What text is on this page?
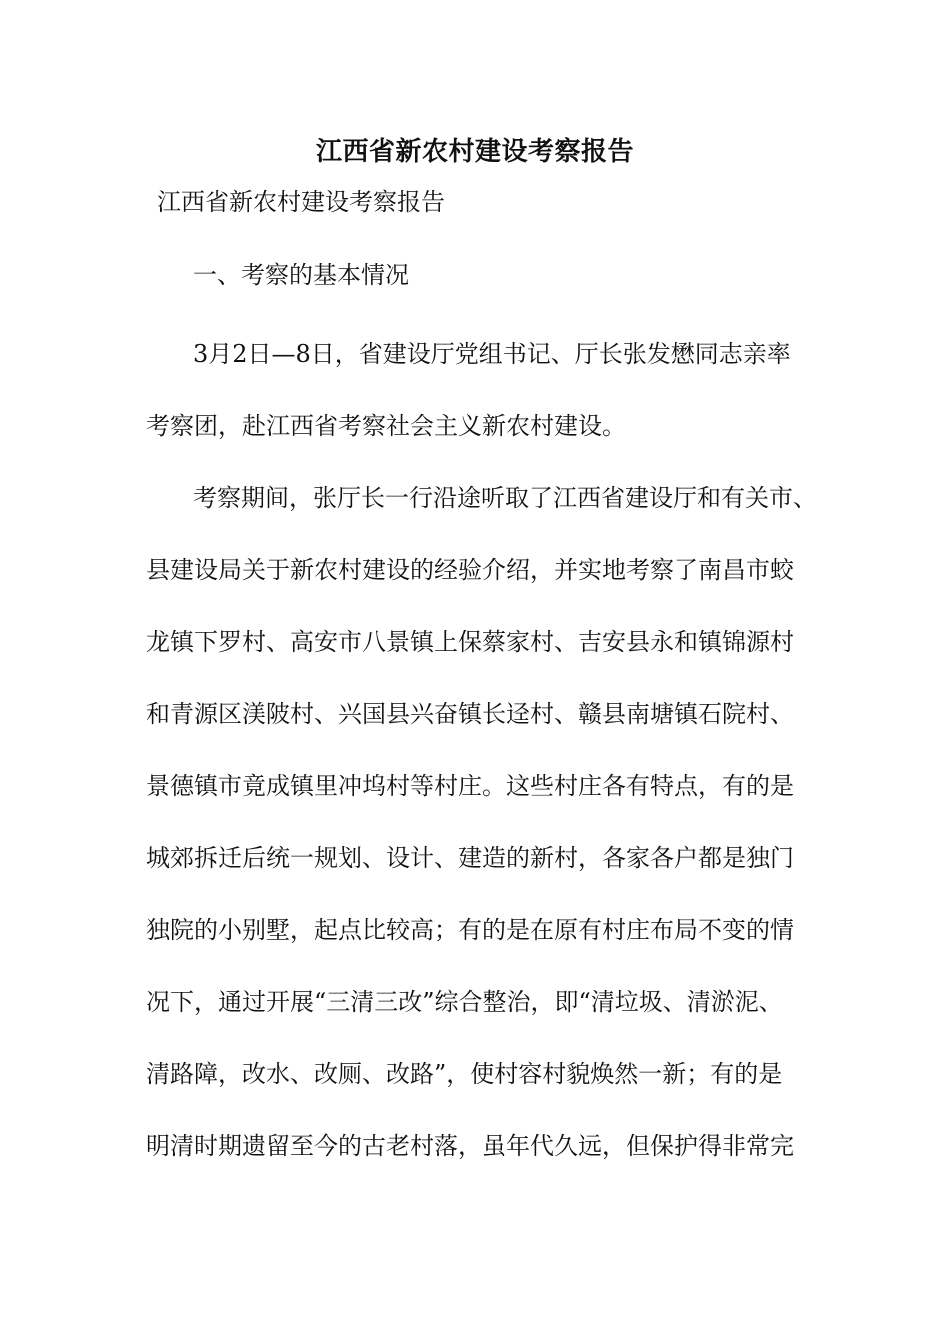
江西省新农村建设考察报告
江西省新农村建设考察报告
一、考察的基本情况
3月2日—8日，省建设厅党组书记、厅长张发懋同志亲率
考察团，赴江西省考察社会主义新农村建设。
考察期间，张厅长一行沿途听取了江西省建设厅和有关市、
县建设局关于新农村建设的经验介绍，并实地考察了南昌市蛟
龙镇下罗村、高安市八景镇上保蔡家村、吉安县永和镇锦源村
和青源区渼陂村、兴国县兴奋镇长迳村、赣县南塘镇石院村、
景德镇市竟成镇里冲坞村等村庄。这些村庄各有特点，有的是
城郊拆迁后统一规划、设计、建造的新村，各家各户都是独门
独院的小别墅，起点比较高；有的是在原有村庄布局不变的情
况下，通过开展“三清三改”综合整治，即“清垃圾、清淤泥、
清路障，改水、改厕、改路”，使村容村貌焕然一新；有的是
明清时期遗留至今的古老村落，虽年代久远，但保护得非常完
